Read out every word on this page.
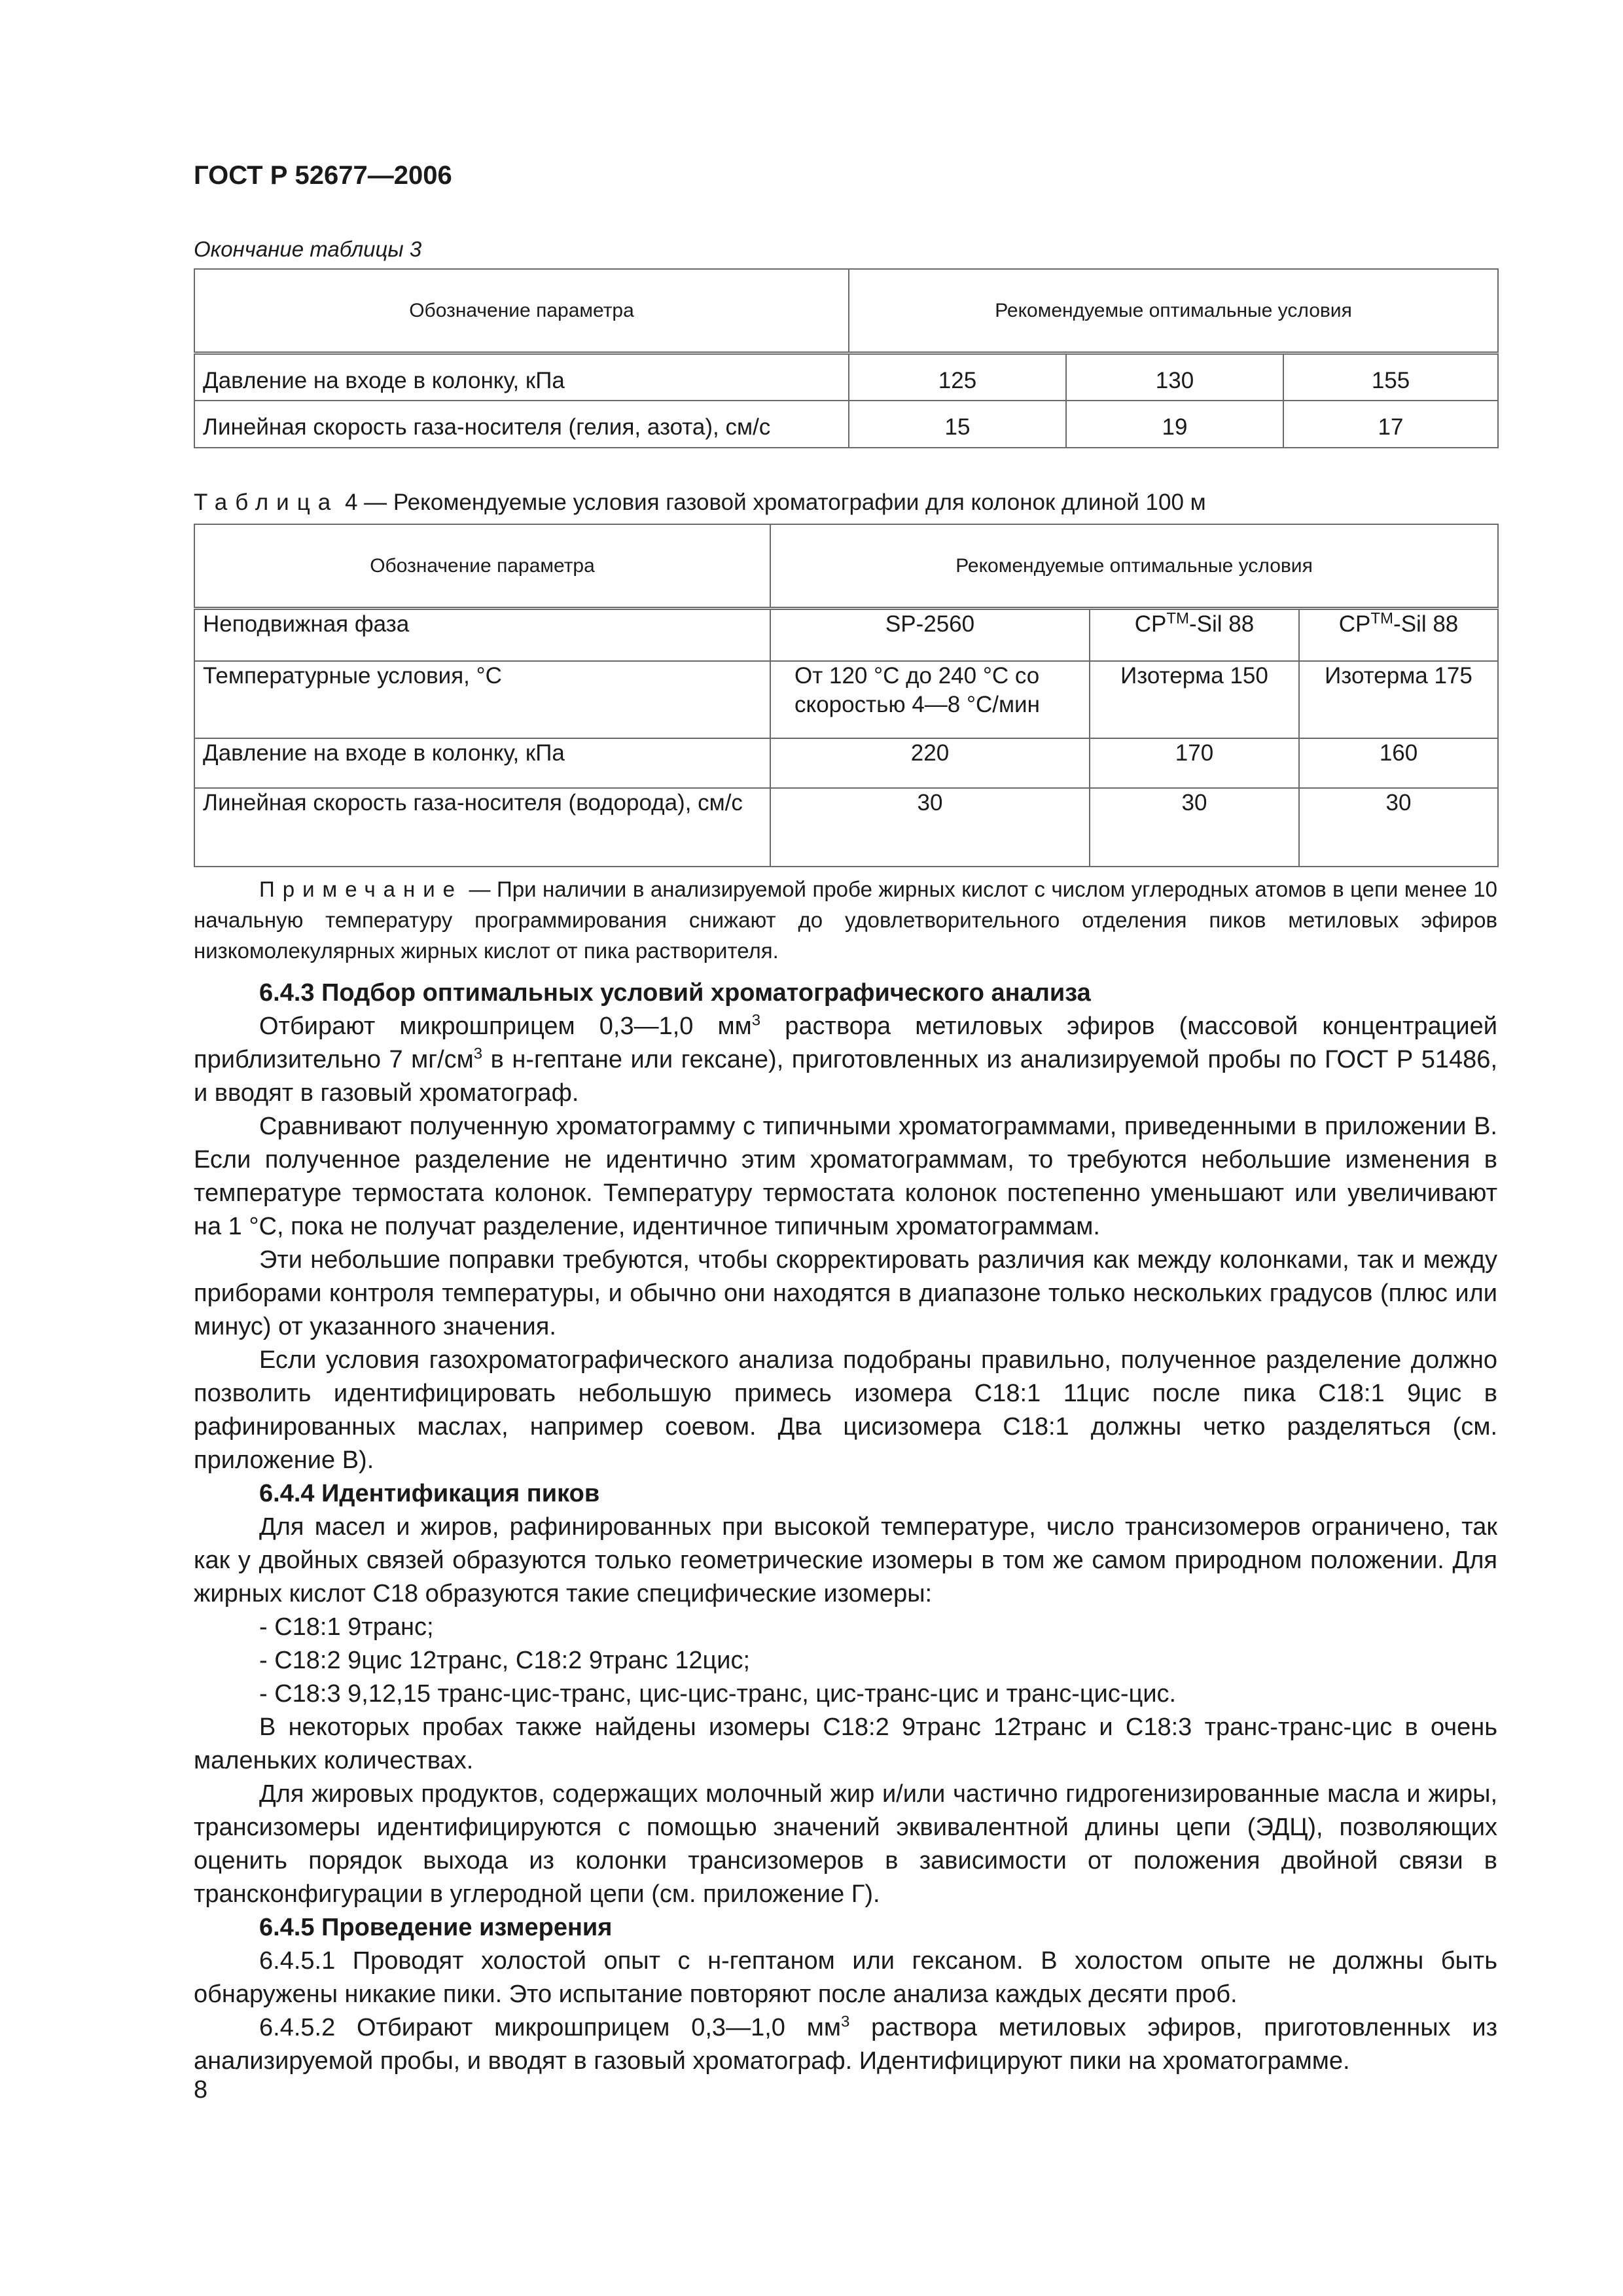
ГОСТ Р 52677—2006
Окончание таблицы 3
Обозначение параметра	Рекомендуемые оптимальные условия		
Давление на входе в колонку, кПа	125	130	155
Линейная скорость газа-носителя (гелия, азота), см/с	15	19	17
Таблица 4 — Рекомендуемые условия газовой хроматографии для колонок длиной 100 м
Обозначение параметра	Рекомендуемые оптимальные условия		
Неподвижная фаза	SP-2560	CP™-Sil 88	CP™-Sil 88
Температурные условия, °С	От 120 °С до 240 °С со скоростью 4—8 °С/мин	Изотерма 150	Изотерма 175
Давление на входе в колонку, кПа	220	170	160
Линейная скорость газа-носителя (водорода), см/с	30	30	30

Примечание — При наличии в анализируемой пробе жирных кислот с числом углеродных атомов в цепи менее 10 начальную температуру программирования снижают до удовлетворительного отделения пиков метиловых эфиров низкомолекулярных жирных кислот от пика растворителя.

6.4.3 Подбор оптимальных условий хроматографического анализа

Отбирают микрошприцем 0,3—1,0 $мм^3$ раствора метиловых эфиров (массовой концентрацией приблизительно 7 $мг/см^3$ в н-гептане или гексане), приготовленных из анализируемой пробы по ГОСТ Р 51486, и вводят в газовый хроматограф.

Сравнивают полученную хроматограмму с типичными хроматограммами, приведенными в приложении В. Если полученное разделение не идентично этим хроматограммам, то требуются небольшие изменения в температуре термостата колонок. Температуру термостата колонок постепенно уменьшают или увеличивают на 1 °С, пока не получат разделение, идентичное типичным хроматограммам.

Эти небольшие поправки требуются, чтобы скорректировать различия как между колонками, так и между приборами контроля температуры, и обычно они находятся в диапазоне только нескольких градусов (плюс или минус) от указанного значения.

Если условия газохроматографического анализа подобраны правильно, полученное разделение должно позволить идентифицировать небольшую примесь изомера С18:1 11цис после пика С18:1 9цис в рафинированных маслах, например соевом. Два цисизомера С18:1 должны четко разделяться (см. приложение В).

6.4.4 Идентификация пиков

Для масел и жиров, рафинированных при высокой температуре, число трансизомеров ограничено, так как у двойных связей образуются только геометрические изомеры в том же самом природном положении. Для жирных кислот С18 образуются такие специфические изомеры:

- С18:1 9транс;

- С18:2 9цис 12транс, С18:2 9транс 12цис;

- С18:3 9,12,15 транс-цис-транс, цис-цис-транс, цис-транс-цис и транс-цис-цис.

В некоторых пробах также найдены изомеры С18:2 9транс 12транс и С18:3 транс-транс-цис в очень маленьких количествах.

Для жировых продуктов, содержащих молочный жир и/или частично гидрогенизированные масла и жиры, трансизомеры идентифицируются с помощью значений эквивалентной длины цепи (ЭДЦ), позволяющих оценить порядок выхода из колонки трансизомеров в зависимости от положения двойной связи в трансконфигурации в углеродной цепи (см. приложение Г).

6.4.5 Проведение измерения

6.4.5.1 Проводят холостой опыт с н-гептаном или гексаном. В холостом опыте не должны быть обнаружены никакие пики. Это испытание повторяют после анализа каждых десяти проб.

6.4.5.2 Отбирают микрошприцем 0,3—1,0 $мм^3$ раствора метиловых эфиров, приготовленных из анализируемой пробы, и вводят в газовый хроматограф. Идентифицируют пики на хроматограмме.

8
